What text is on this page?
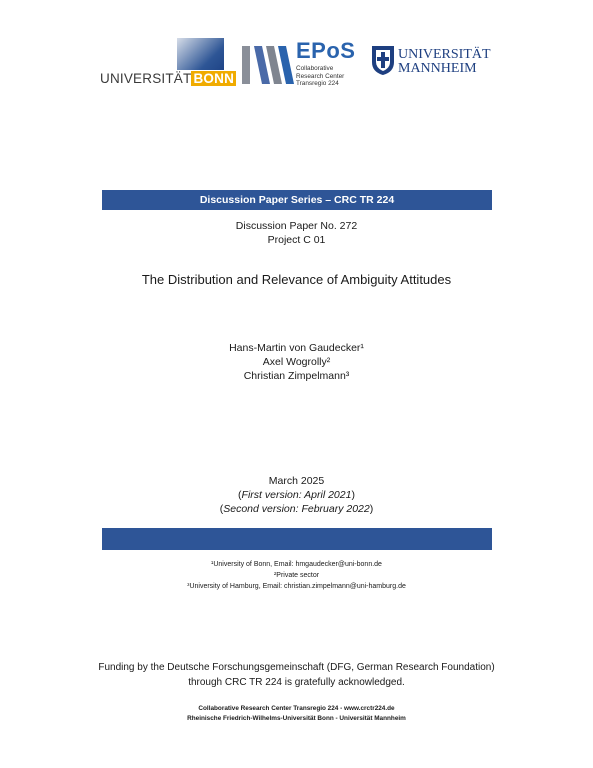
UNIVERSITÄT BONN
EPoS
Collaborative
Research Center
Transregio 224
UNIVERSITÄT
MANNHEIM
Discussion Paper Series – CRC TR 224
Discussion Paper No. 272
Project C 01
The Distribution and Relevance of Ambiguity Attitudes
Hans-Martin von Gaudecker¹
Axel Wogrolly²
Christian Zimpelmann³
March 2025
(First version: April 2021)
(Second version: February 2022)
¹University of Bonn, Email: hmgaudecker@uni-bonn.de
²Private sector
³University of Hamburg, Email: christian.zimpelmann@uni-hamburg.de
Funding by the Deutsche Forschungsgemeinschaft (DFG, German Research Foundation)
through CRC TR 224 is gratefully acknowledged.
Collaborative Research Center Transregio 224 - www.crctr224.de
Rheinische Friedrich-Wilhelms-Universität Bonn - Universität Mannheim
